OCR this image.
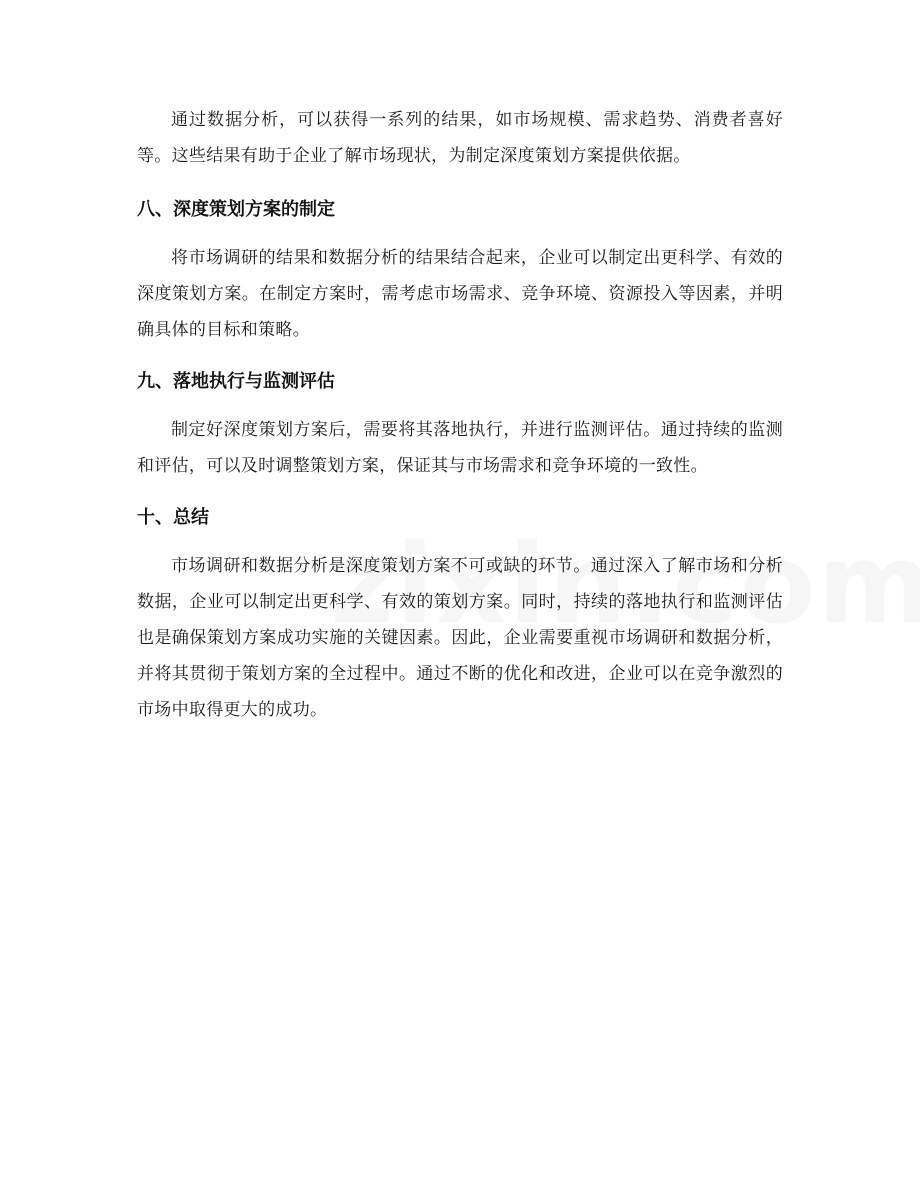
通过数据分析，可以获得一系列的结果，如市场规模、需求趋势、消费者喜好等。这些结果有助于企业了解市场现状，为制定深度策划方案提供依据。

八、深度策划方案的制定

将市场调研的结果和数据分析的结果结合起来，企业可以制定出更科学、有效的深度策划方案。在制定方案时，需考虑市场需求、竞争环境、资源投入等因素，并明确具体的目标和策略。

九、落地执行与监测评估

制定好深度策划方案后，需要将其落地执行，并进行监测评估。通过持续的监测和评估，可以及时调整策划方案，保证其与市场需求和竞争环境的一致性。

十、总结

市场调研和数据分析是深度策划方案不可或缺的环节。通过深入了解市场和分析数据，企业可以制定出更科学、有效的策划方案。同时，持续的落地执行和监测评估也是确保策划方案成功实施的关键因素。因此，企业需要重视市场调研和数据分析，并将其贯彻于策划方案的全过程中。通过不断的优化和改进，企业可以在竞争激烈的市场中取得更大的成功。
